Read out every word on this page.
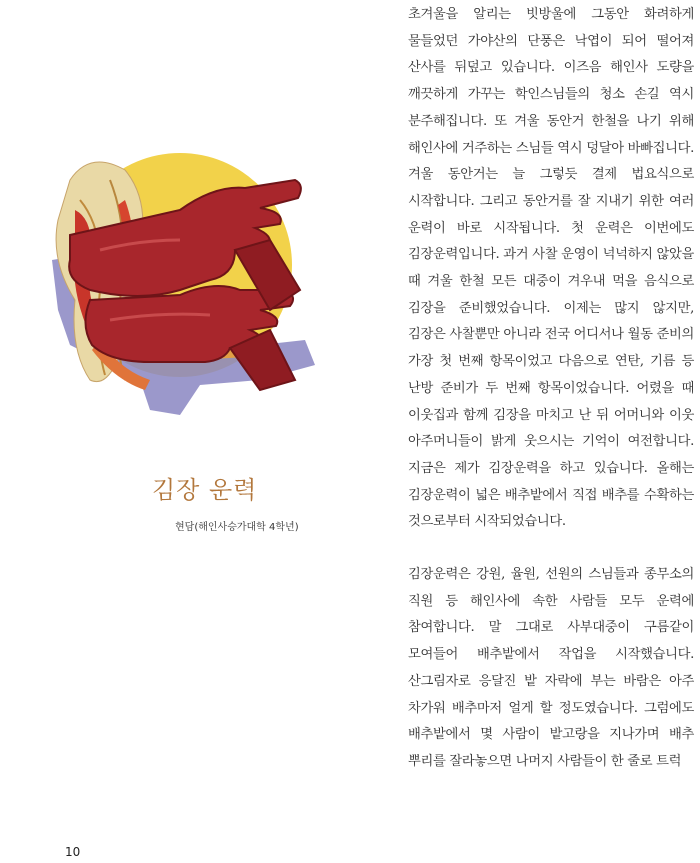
김장 운력
현담(해인사승가대학 4학년)
10

초겨울을 알리는 빗방울에 그동안 화려하게 물들었던 가야산의 단풍은 낙엽이 되어 떨어져 산사를 뒤덮고 있습니다. 이즈음 해인사 도량을 깨끗하게 가꾸는 학인스님들의 청소 손길 역시 분주해집니다. 또 겨울 동안거 한철을 나기 위해 해인사에 거주하는 스님들 역시 덩달아 바빠집니다. 겨울 동안거는 늘 그렇듯 결제 법요식으로 시작합니다. 그리고 동안거를 잘 지내기 위한 여러 운력이 바로 시작됩니다. 첫 운력은 이번에도 김장운력입니다. 과거 사찰 운영이 넉넉하지 않았을 때 겨울 한철 모든 대중이 겨우내 먹을 음식으로 김장을 준비했었습니다. 이제는 많지 않지만, 김장은 사찰뿐만 아니라 전국 어디서나 월동 준비의 가장 첫 번째 항목이었고 다음으로 연탄, 기름 등 난방 준비가 두 번째 항목이었습니다. 어렸을 때 이웃집과 함께 김장을 마치고 난 뒤 어머니와 이웃 아주머니들이 밝게 웃으시는 기억이 여전합니다. 지금은 제가 김장운력을 하고 있습니다. 올해는 김장운력이 넓은 배추밭에서 직접 배추를 수확하는 것으로부터 시작되었습니다.

김장운력은 강원, 율원, 선원의 스님들과 종무소의 직원 등 해인사에 속한 사람들 모두 운력에 참여합니다. 말 그대로 사부대중이 구름같이 모여들어 배추밭에서 작업을 시작했습니다. 산그림자로 응달진 밭 자락에 부는 바람은 아주 차가워 배추마저 얼게 할 정도였습니다. 그럼에도 배추밭에서 몇 사람이 밭고랑을 지나가며 배추 뿌리를 잘라놓으면 나머지 사람들이 한 줄로 트럭
